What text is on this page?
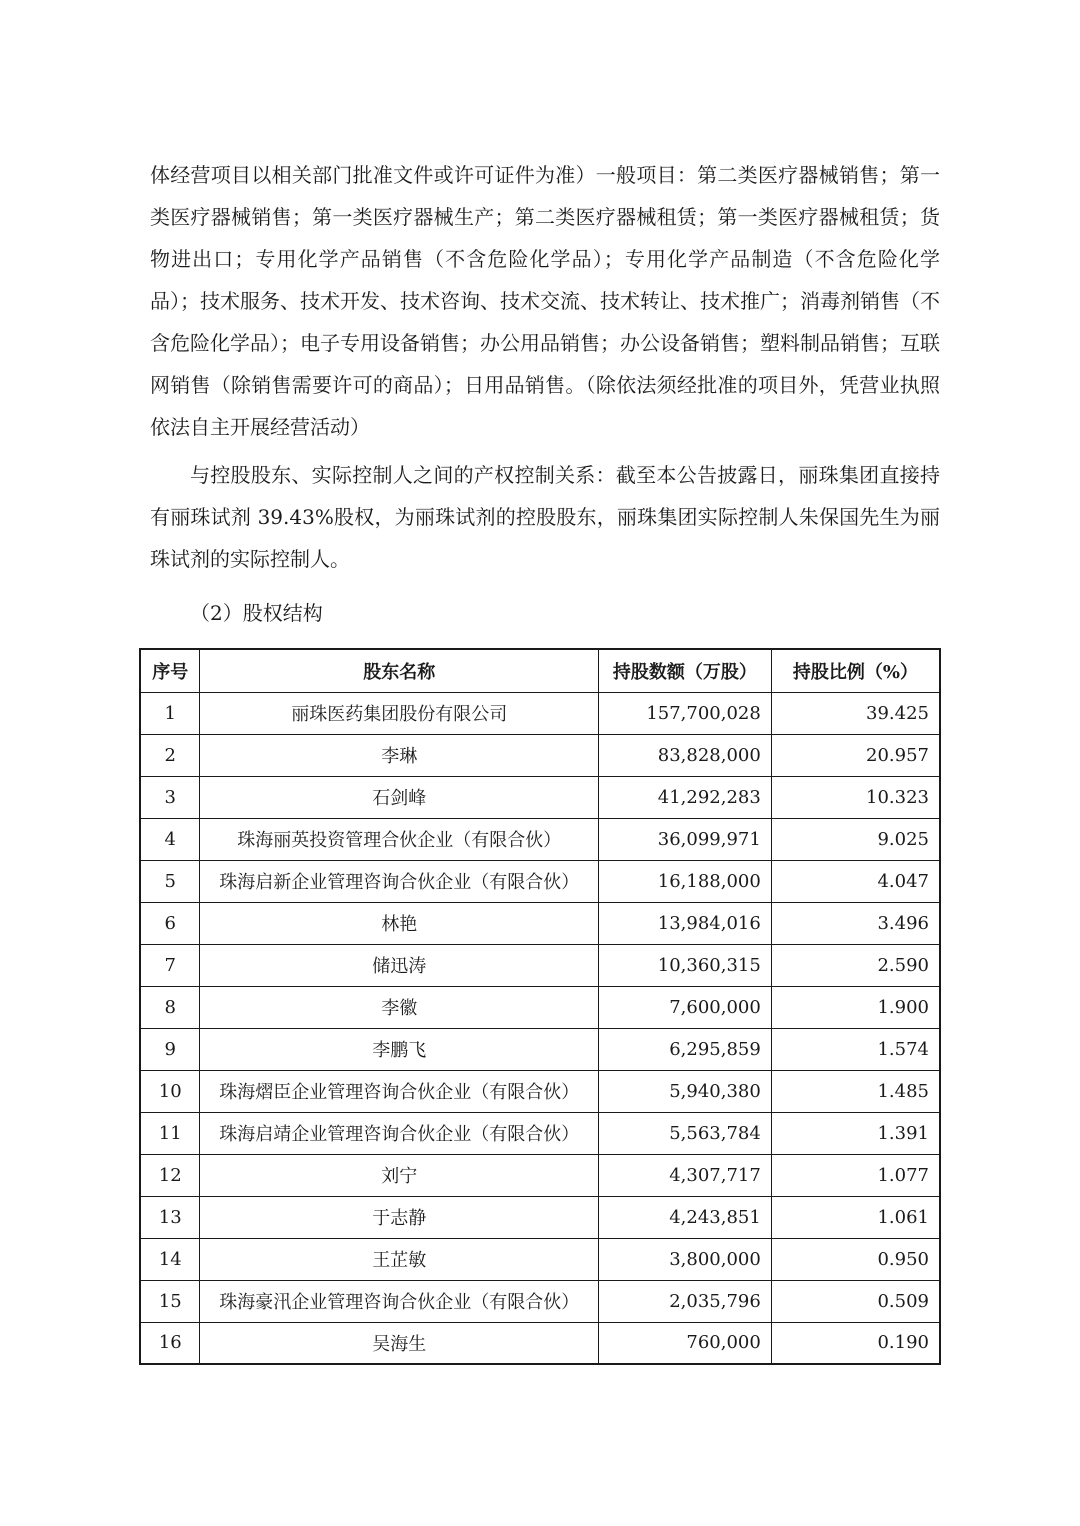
体经营项目以相关部门批准文件或许可证件为准）一般项目：第二类医疗器械销售；第一类医疗器械销售；第一类医疗器械生产；第二类医疗器械租赁；第一类医疗器械租赁；货物进出口；专用化学产品销售（不含危险化学品）；专用化学产品制造（不含危险化学品）；技术服务、技术开发、技术咨询、技术交流、技术转让、技术推广；消毒剂销售（不含危险化学品）；电子专用设备销售；办公用品销售；办公设备销售；塑料制品销售；互联网销售（除销售需要许可的商品）；日用品销售。（除依法须经批准的项目外，凭营业执照依法自主开展经营活动）

与控股股东、实际控制人之间的产权控制关系：截至本公告披露日，丽珠集团直接持有丽珠试剂 39.43%股权，为丽珠试剂的控股股东，丽珠集团实际控制人朱保国先生为丽珠试剂的实际控制人。

（2）股权结构
序号	股东名称	持股数额（万股）	持股比例（%）
1	丽珠医药集团股份有限公司	157,700,028	39.425
2	李琳	83,828,000	20.957
3	石剑峰	41,292,283	10.323
4	珠海丽英投资管理合伙企业（有限合伙）	36,099,971	9.025
5	珠海启新企业管理咨询合伙企业（有限合伙）	16,188,000	4.047
6	林艳	13,984,016	3.496
7	储迅涛	10,360,315	2.590
8	李徽	7,600,000	1.900
9	李鹏飞	6,295,859	1.574
10	珠海熠臣企业管理咨询合伙企业（有限合伙）	5,940,380	1.485
11	珠海启靖企业管理咨询合伙企业（有限合伙）	5,563,784	1.391
12	刘宁	4,307,717	1.077
13	于志静	4,243,851	1.061
14	王芷敏	3,800,000	0.950
15	珠海豪汛企业管理咨询合伙企业（有限合伙）	2,035,796	0.509
16	吴海生	760,000	0.190
